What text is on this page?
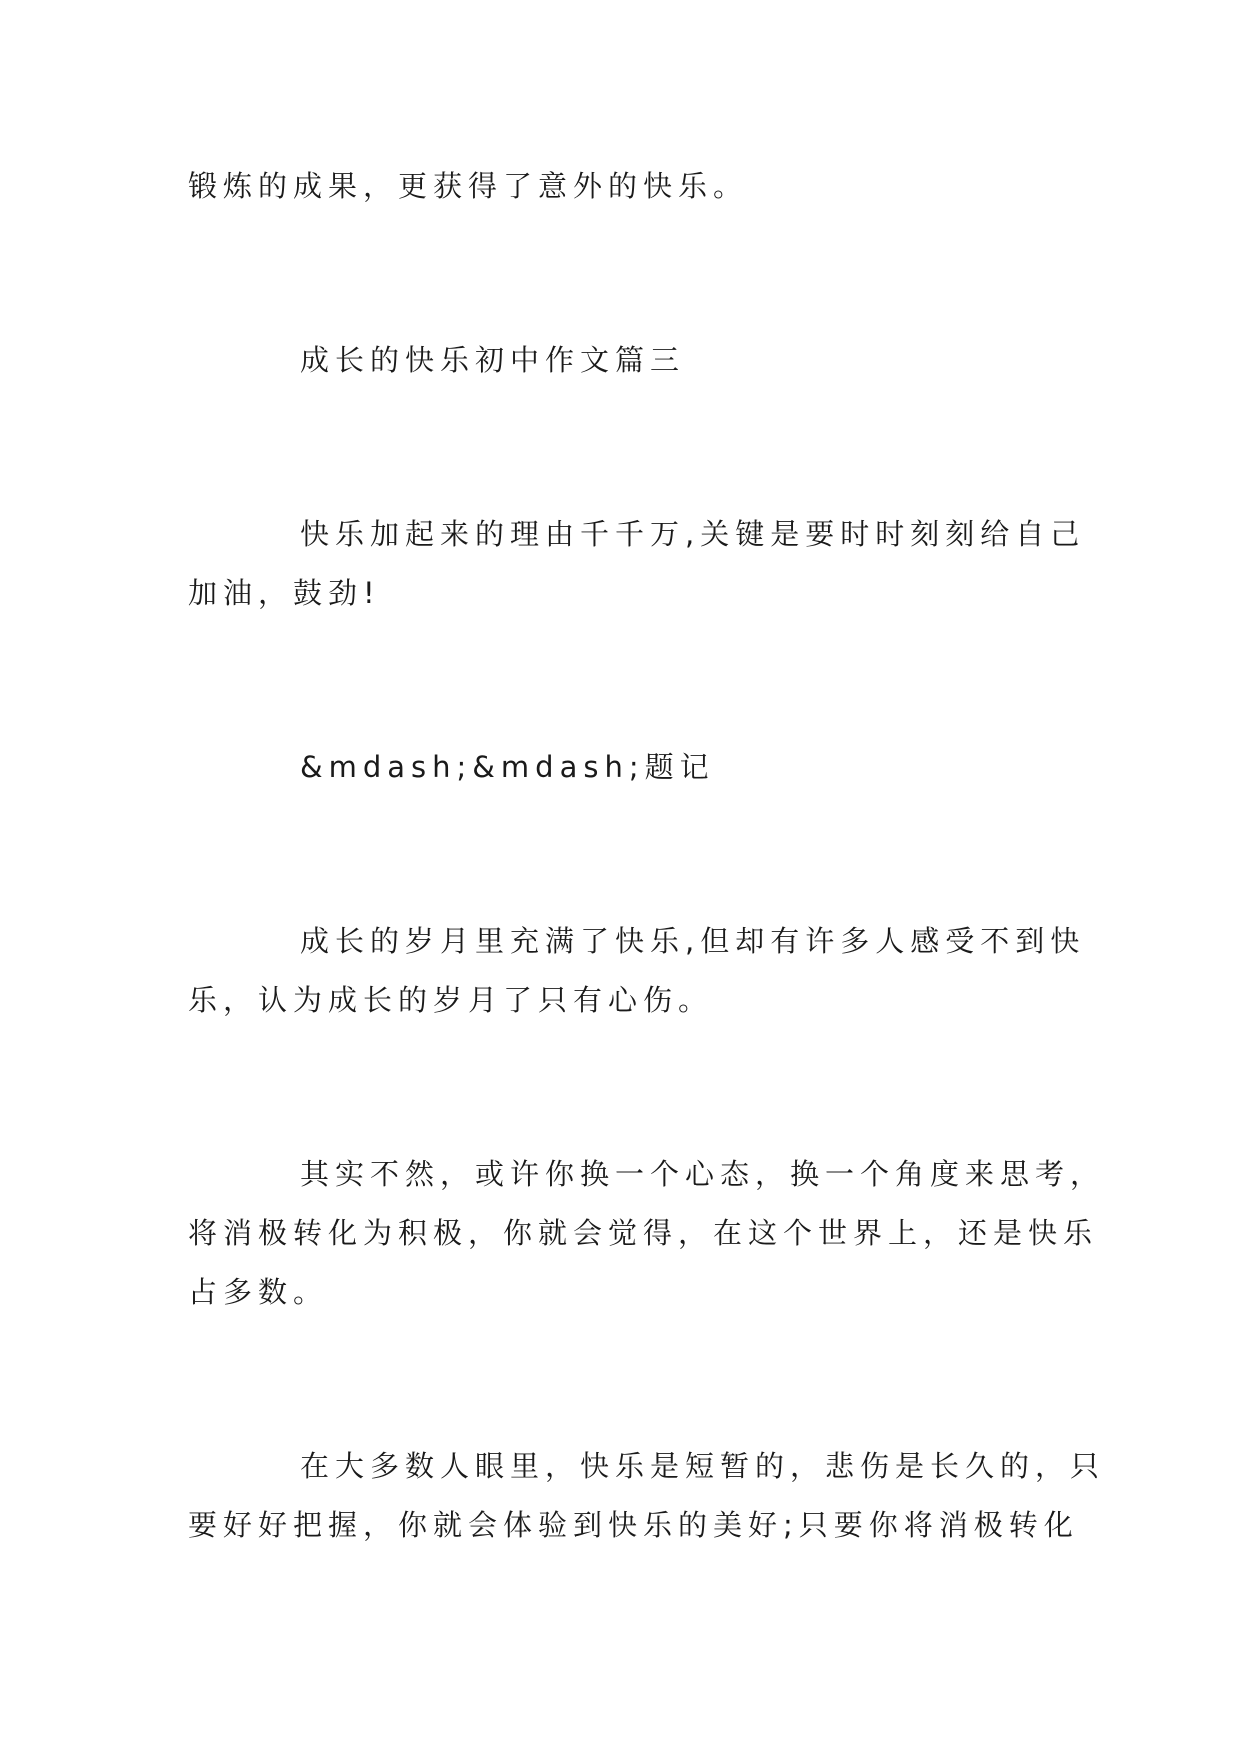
锻炼的成果，更获得了意外的快乐。
成长的快乐初中作文篇三
快乐加起来的理由千千万,关键是要时时刻刻给自己
加油，鼓劲!
&mdash;&mdash;题记
成长的岁月里充满了快乐,但却有许多人感受不到快
乐，认为成长的岁月了只有心伤。
其实不然，或许你换一个心态，换一个角度来思考，
将消极转化为积极，你就会觉得，在这个世界上，还是快乐
占多数。
在大多数人眼里，快乐是短暂的，悲伤是长久的，只
要好好把握，你就会体验到快乐的美好;只要你将消极转化
